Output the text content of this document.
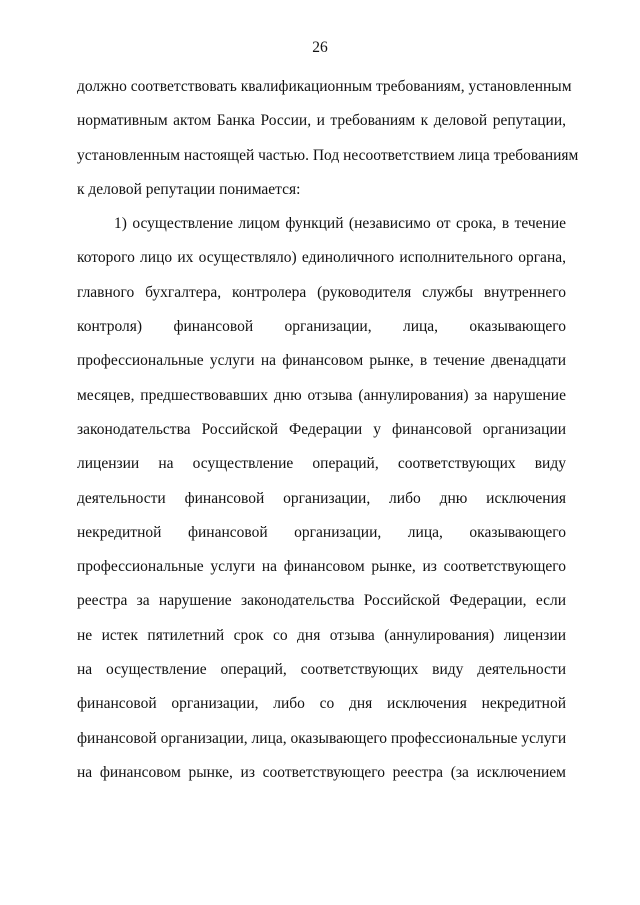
26
должно соответствовать квалификационным требованиям, установленным
нормативным актом Банка России, и требованиям к деловой репутации,
установленным настоящей частью. Под несоответствием лица требованиям
к деловой репутации понимается:
1) осуществление лицом функций (независимо от срока, в течение
которого лицо их осуществляло) единоличного исполнительного органа,
главного бухгалтера, контролера (руководителя службы внутреннего
контроля) финансовой организации, лица, оказывающего
профессиональные услуги на финансовом рынке, в течение двенадцати
месяцев, предшествовавших дню отзыва (аннулирования) за нарушение
законодательства Российской Федерации у финансовой организации
лицензии на осуществление операций, соответствующих виду
деятельности финансовой организации, либо дню исключения
некредитной финансовой организации, лица, оказывающего
профессиональные услуги на финансовом рынке, из соответствующего
реестра за нарушение законодательства Российской Федерации, если
не истек пятилетний срок со дня отзыва (аннулирования) лицензии
на осуществление операций, соответствующих виду деятельности
финансовой организации, либо со дня исключения некредитной
финансовой организации, лица, оказывающего профессиональные услуги
на финансовом рынке, из соответствующего реестра (за исключением
